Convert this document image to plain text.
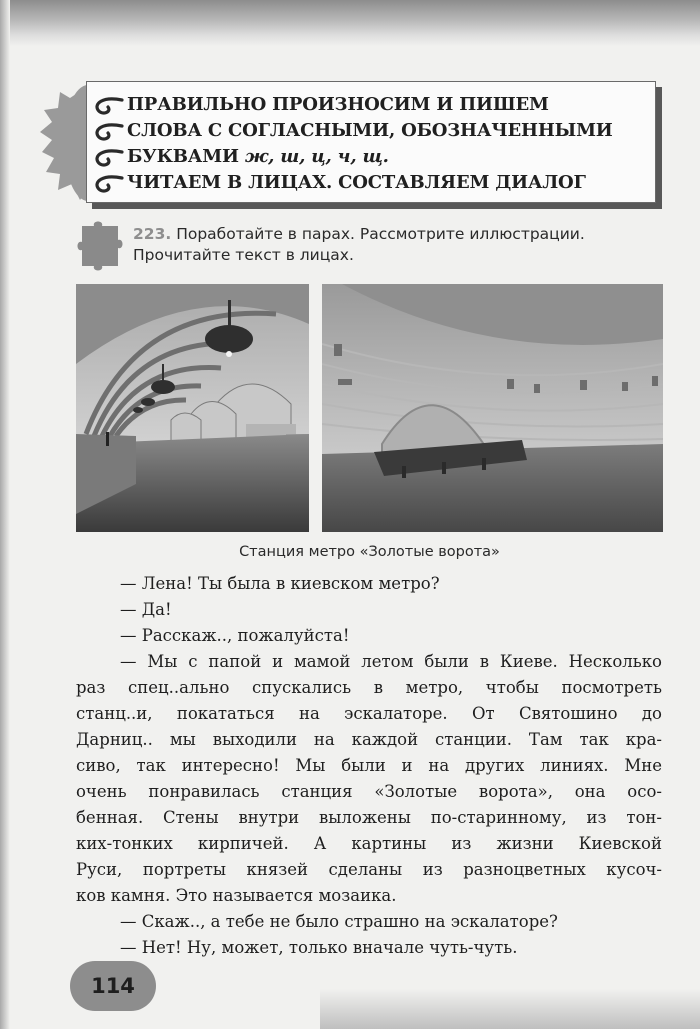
ПРАВИЛЬНО ПРОИЗНОСИМ И ПИШЕМ
СЛОВА С СОГЛАСНЫМИ, ОБОЗНАЧЕННЫМИ
БУКВАМИ ж, ш, ц, ч, щ.
ЧИТАЕМ В ЛИЦАХ. СОСТАВЛЯЕМ ДИАЛОГ
223. Поработайте в парах. Рассмотрите иллюстрации.
Прочитайте текст в лицах.
Станция метро «Золотые ворота»
— Лена! Ты была в киевском метро?
— Да!
— Расскаж.., пожалуйста!
— Мы с папой и мамой летом были в Киеве. Несколько
раз спец..ально спускались в метро, чтобы посмотреть
станц..и, покататься на эскалаторе. От Святошино до
Дарниц.. мы выходили на каждой станции. Там так кра-
сиво, так интересно! Мы были и на других линиях. Мне
очень понравилась станция «Золотые ворота», она осо-
бенная. Стены внутри выложены по-старинному, из тон-
ких-тонких кирпичей. А картины из жизни Киевской
Руси, портреты князей сделаны из разноцветных кусоч-
ков камня. Это называется мозаика.
— Скаж.., а тебе не было страшно на эскалаторе?
— Нет! Ну, может, только вначале чуть-чуть.
114
